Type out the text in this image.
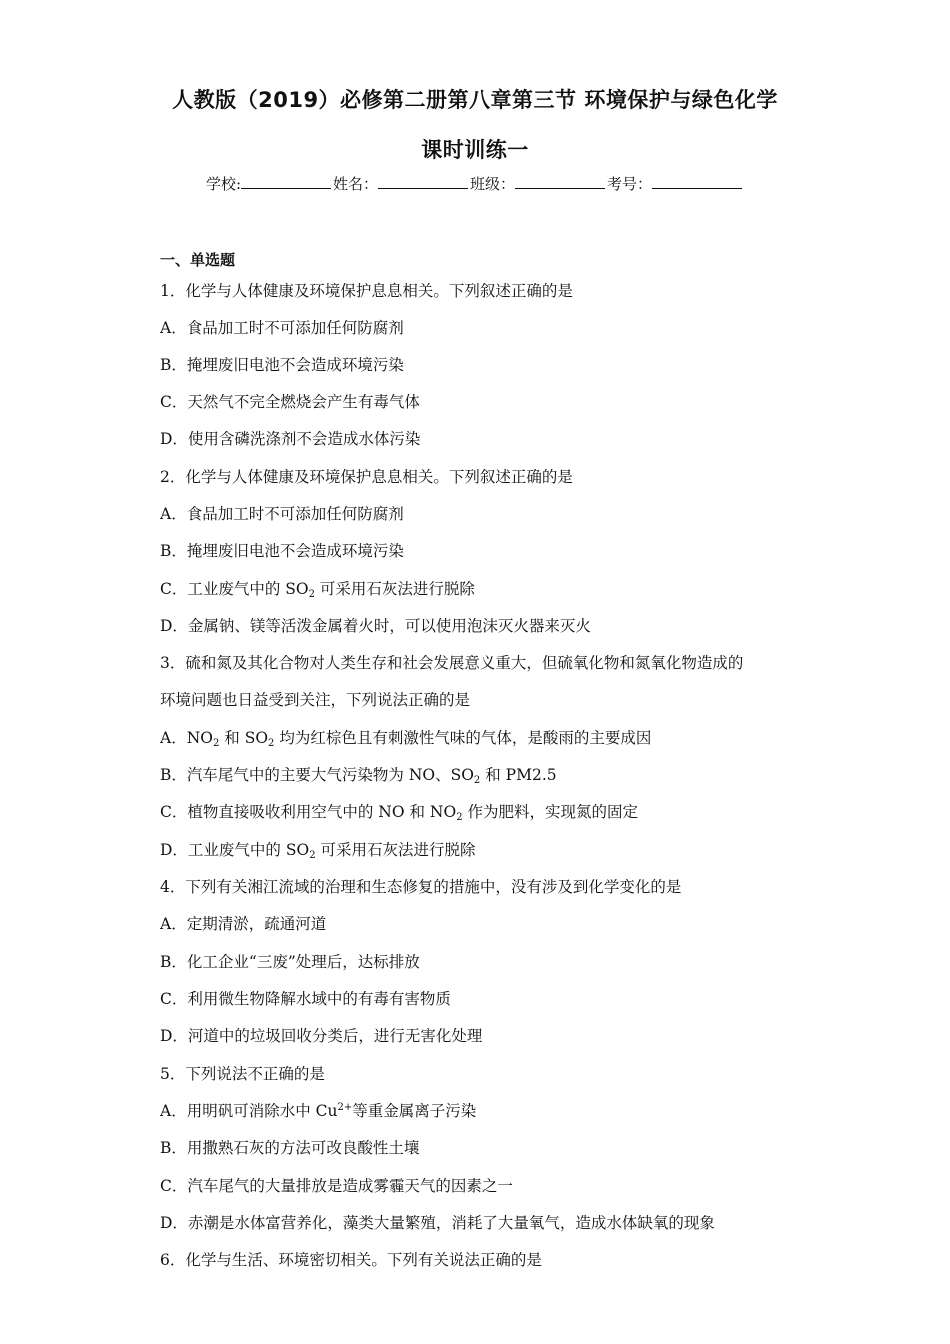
人教版（2019）必修第二册第八章第三节 环境保护与绿色化学
课时训练一
学校:	姓名：	班级：	考号：
一、单选题
1．化学与人体健康及环境保护息息相关。下列叙述正确的是
A．食品加工时不可添加任何防腐剂
B．掩埋废旧电池不会造成环境污染
C．天然气不完全燃烧会产生有毒气体
D．使用含磷洗涤剂不会造成水体污染
2．化学与人体健康及环境保护息息相关。下列叙述正确的是
A．食品加工时不可添加任何防腐剂
B．掩埋废旧电池不会造成环境污染
C．工业废气中的 $SO_2$ 可采用石灰法进行脱除
D．金属钠、镁等活泼金属着火时，可以使用泡沫灭火器来灭火
3．硫和氮及其化合物对人类生存和社会发展意义重大，但硫氧化物和氮氧化物造成的
环境问题也日益受到关注，下列说法正确的是
A．$NO_2$ 和 $SO_2$ 均为红棕色且有刺激性气味的气体，是酸雨的主要成因
B．汽车尾气中的主要大气污染物为 NO、$SO_2$ 和 PM2.5
C．植物直接吸收利用空气中的 NO 和 $NO_2$ 作为肥料，实现氮的固定
D．工业废气中的 $SO_2$ 可采用石灰法进行脱除
4．下列有关湘江流域的治理和生态修复的措施中，没有涉及到化学变化的是
A．定期清淤，疏通河道
B．化工企业“三废”处理后，达标排放
C．利用微生物降解水域中的有毒有害物质
D．河道中的垃圾回收分类后，进行无害化处理
5．下列说法不正确的是
A．用明矾可消除水中 $Cu^{2+}$等重金属离子污染
B．用撒熟石灰的方法可改良酸性土壤
C．汽车尾气的大量排放是造成雾霾天气的因素之一
D．赤潮是水体富营养化，藻类大量繁殖，消耗了大量氧气，造成水体缺氧的现象
6．化学与生活、环境密切相关。下列有关说法正确的是
